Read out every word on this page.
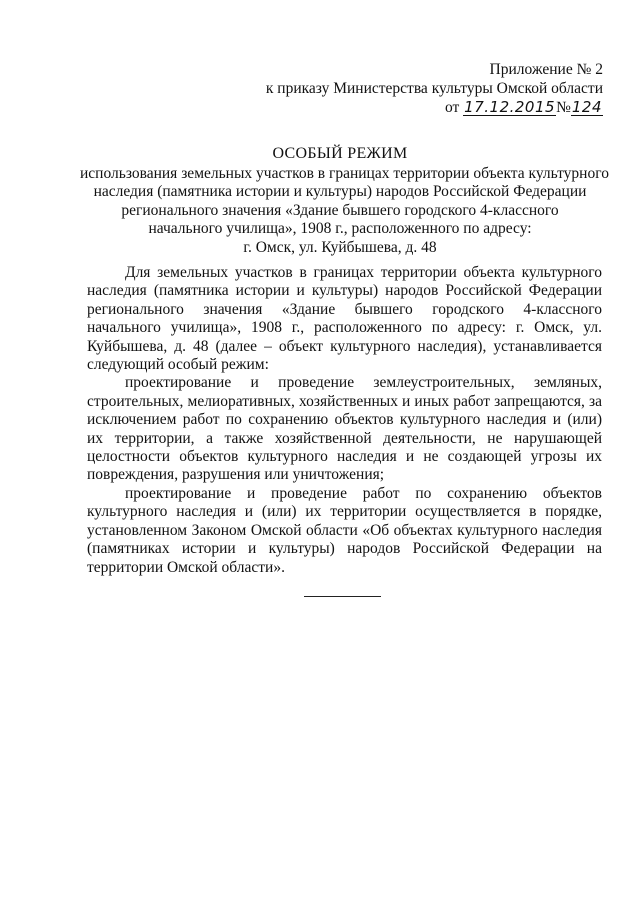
Приложение № 2
к приказу Министерства культуры Омской области
от 17.12.2015№124
ОСОБЫЙ РЕЖИМ
использования земельных участков в границах территории объекта культурного
наследия (памятника истории и культуры) народов Российской Федерации
регионального значения «Здание бывшего городского 4-классного
начального училища», 1908 г., расположенного по адресу:
г. Омск, ул. Куйбышева, д. 48

Для земельных участков в границах территории объекта культурного наследия (памятника истории и культуры) народов Российской Федерации регионального значения «Здание бывшего городского 4-классного начального училища», 1908 г., расположенного по адресу: г. Омск, ул. Куйбышева, д. 48 (далее – объект культурного наследия), устанавливается следующий особый режим:

проектирование и проведение землеустроительных, земляных, строительных, мелиоративных, хозяйственных и иных работ запрещаются, за исключением работ по сохранению объектов культурного наследия и (или) их территории, а также хозяйственной деятельности, не нарушающей целостности объектов культурного наследия и не создающей угрозы их повреждения, разрушения или уничтожения;

проектирование и проведение работ по сохранению объектов культурного наследия и (или) их территории осуществляется в порядке, установленном Законом Омской области «Об объектах культурного наследия (памятниках истории и культуры) народов Российской Федерации на территории Омской области».
